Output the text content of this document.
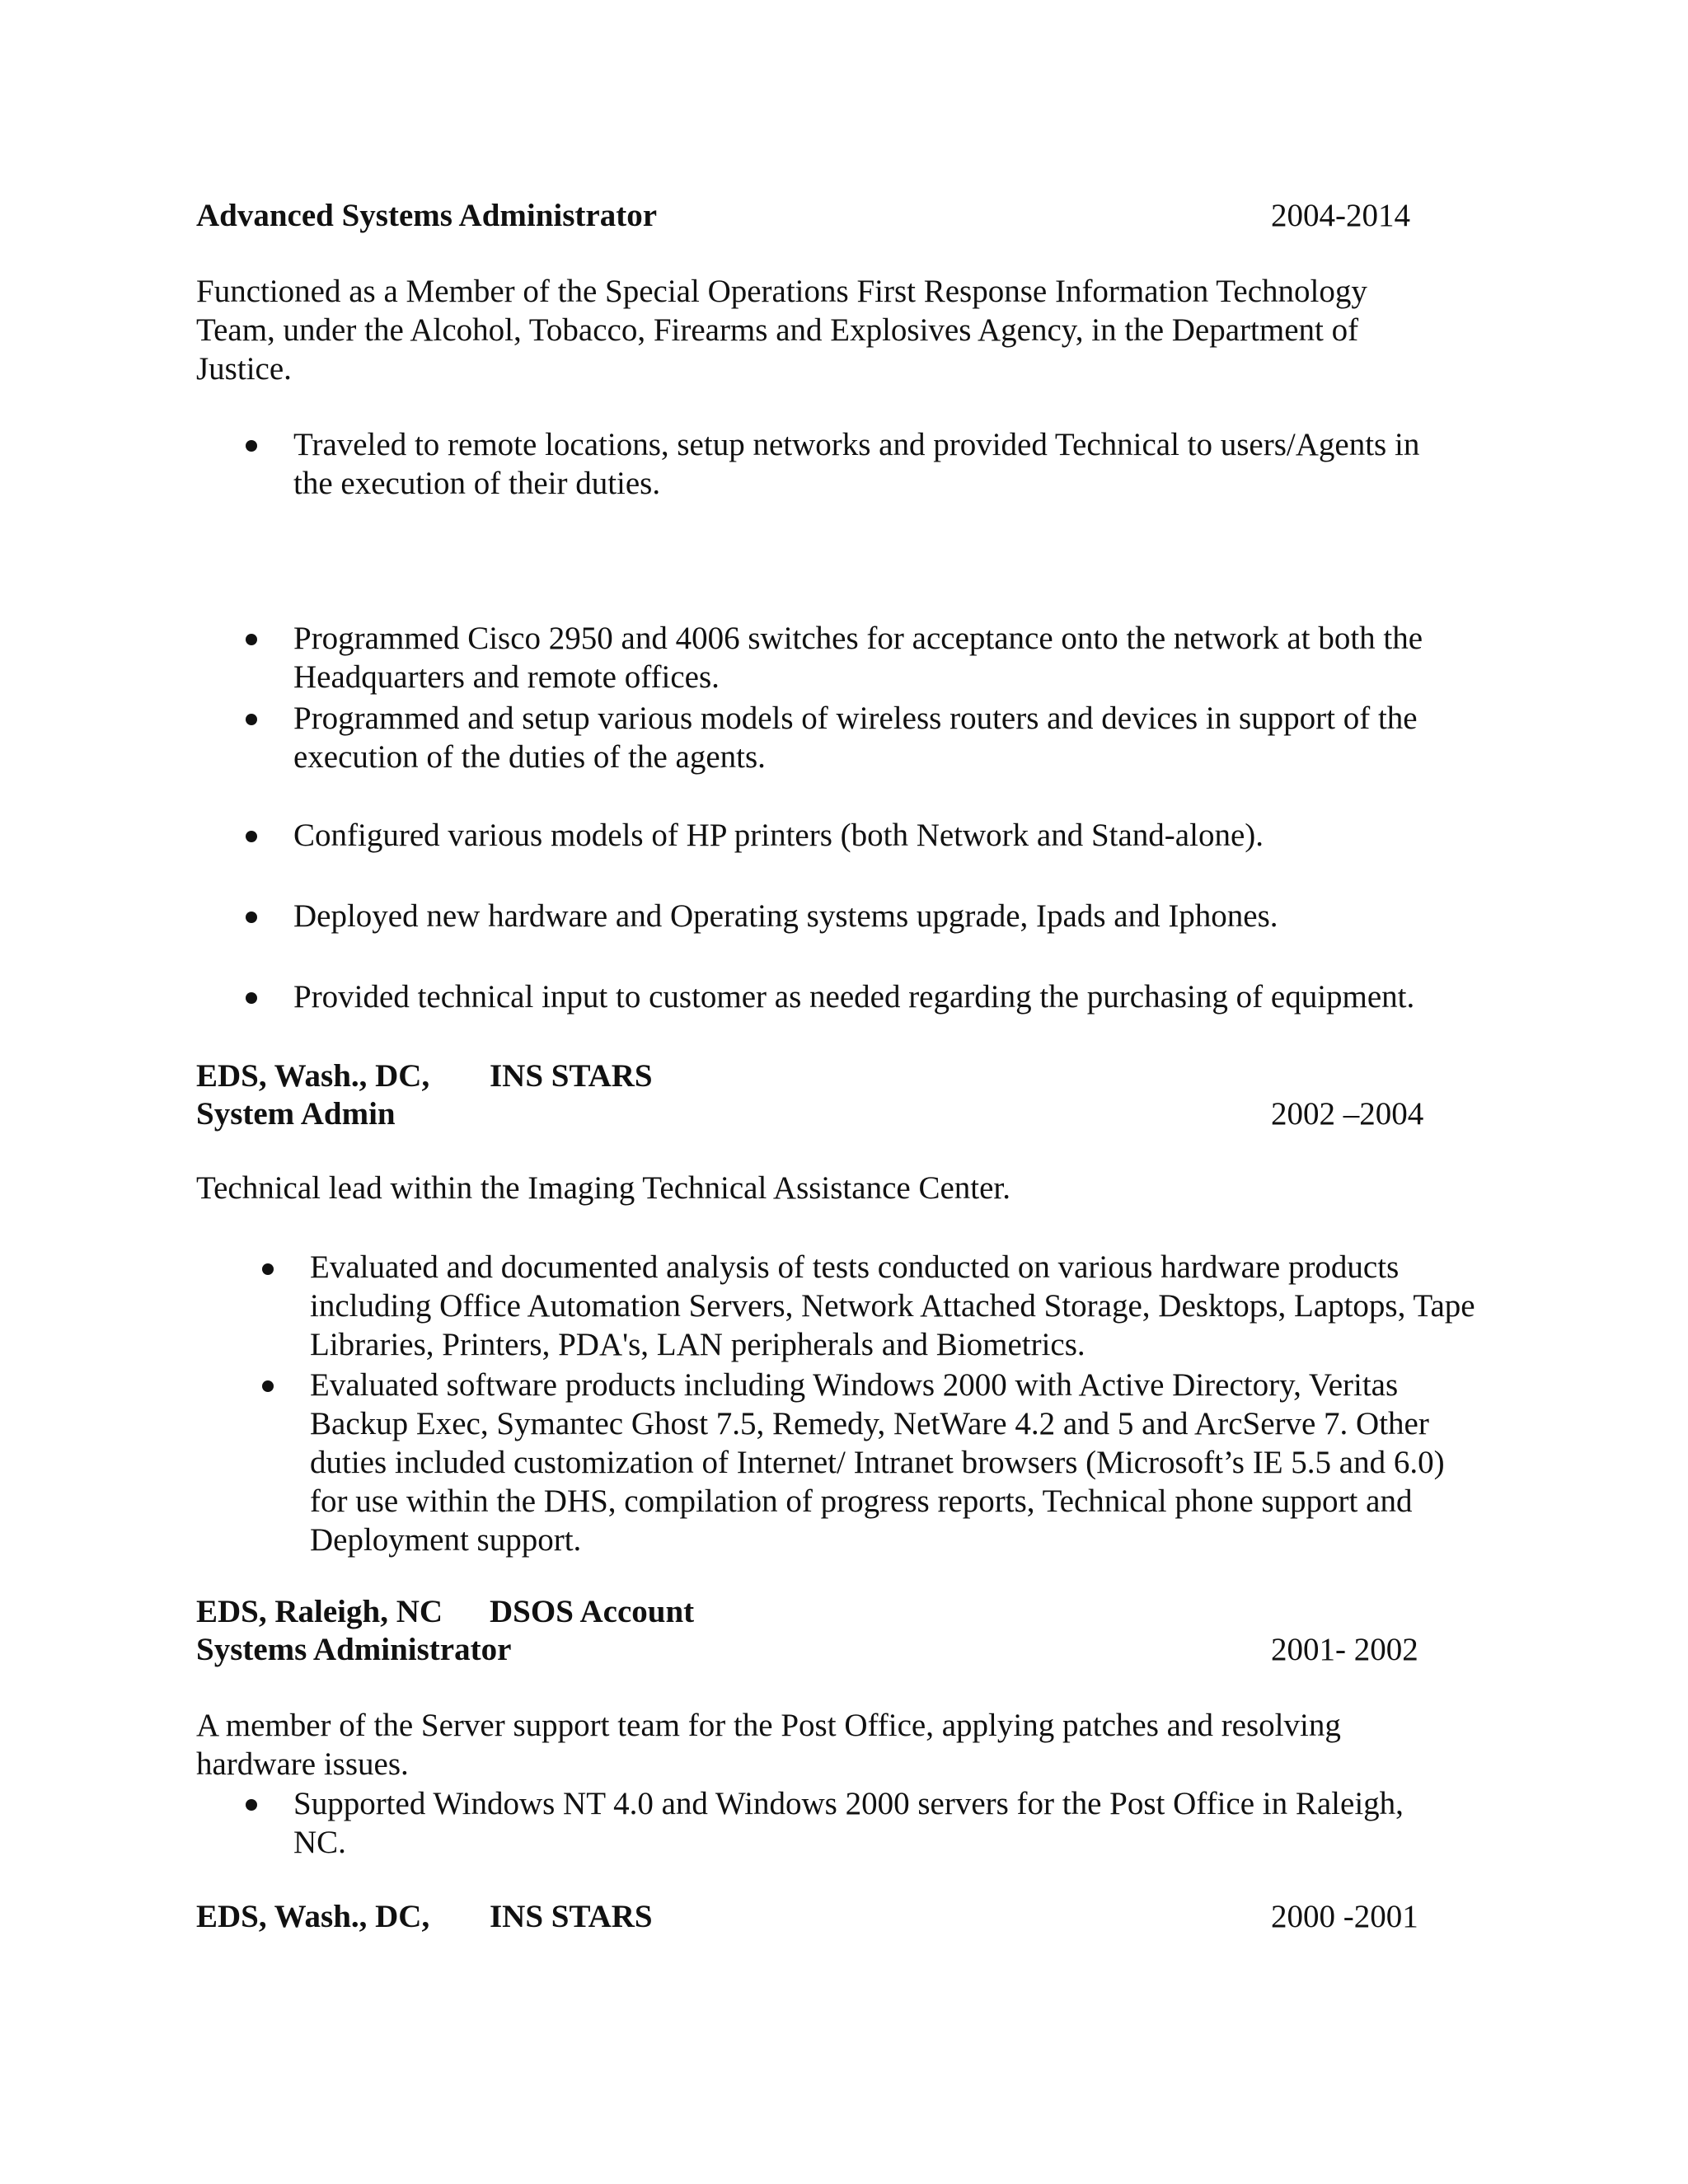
Advanced Systems Administrator	2004-2014
Functioned as a Member of the Special Operations First Response Information Technology Team, under the Alcohol, Tobacco, Firearms and Explosives Agency, in the Department of Justice.
Traveled to remote locations, setup networks and provided Technical to users/Agents in the execution of their duties.
Programmed Cisco 2950 and 4006 switches for acceptance onto the network at both the Headquarters and remote offices.
Programmed and setup various models of wireless routers and devices in support of the execution of the duties of the agents.
Configured various models of HP printers (both Network and Stand-alone).
Deployed new hardware and Operating systems upgrade, Ipads and Iphones.
Provided technical input to customer as needed regarding the purchasing of equipment.
EDS, Wash., DC, INS STARS
System Admin	2002 –2004
Technical lead within the Imaging Technical Assistance Center.
Evaluated and documented analysis of tests conducted on various hardware products including Office Automation Servers, Network Attached Storage, Desktops, Laptops, Tape Libraries, Printers, PDA's, LAN peripherals and Biometrics.
Evaluated software products including Windows 2000 with Active Directory, Veritas Backup Exec, Symantec Ghost 7.5, Remedy, NetWare 4.2 and 5 and ArcServe 7. Other duties included customization of Internet/ Intranet browsers (Microsoft’s IE 5.5 and 6.0) for use within the DHS, compilation of progress reports, Technical phone support and Deployment support.
EDS, Raleigh, NC DSOS Account
Systems Administrator	2001- 2002
A member of the Server support team for the Post Office, applying patches and resolving hardware issues.
Supported Windows NT 4.0 and Windows 2000 servers for the Post Office in Raleigh, NC.
EDS, Wash., DC, INS STARS	2000 -2001
